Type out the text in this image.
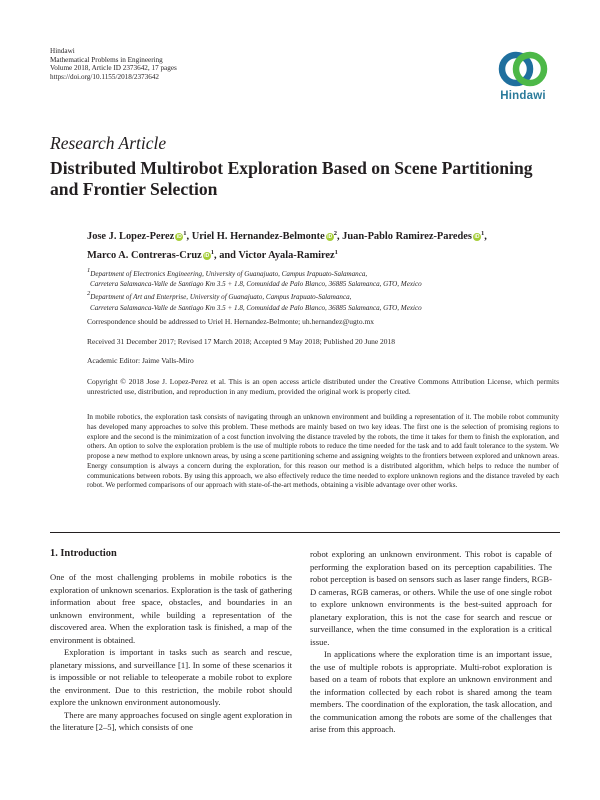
Hindawi
Mathematical Problems in Engineering
Volume 2018, Article ID 2373642, 17 pages
https://doi.org/10.1155/2018/2373642
Hindawi
Research Article
Distributed Multirobot Exploration Based on Scene Partitioning and Frontier Selection
Jose J. Lopez-Perez iD $^1$, Uriel H. Hernandez-Belmonte iD $^2$, Juan-Pablo Ramirez-Paredes iD $^1$,
Marco A. Contreras-Cruz iD $^1$, and Victor Ayala-Ramirez$^1$
1Department of Electronics Engineering, University of Guanajuato, Campus Irapuato-Salamanca,
Carretera Salamanca-Valle de Santiago Km 3.5 + 1.8, Comunidad de Palo Blanco, 36885 Salamanca, GTO, Mexico
2Department of Art and Enterprise, University of Guanajuato, Campus Irapuato-Salamanca,
Carretera Salamanca-Valle de Santiago Km 3.5 + 1.8, Comunidad de Palo Blanco, 36885 Salamanca, GTO, Mexico
Correspondence should be addressed to Uriel H. Hernandez-Belmonte; uh.hernandez@ugto.mx
Received 31 December 2017; Revised 17 March 2018; Accepted 9 May 2018; Published 20 June 2018
Academic Editor: Jaime Valls-Miro
Copyright © 2018 Jose J. Lopez-Perez et al. This is an open access article distributed under the Creative Commons Attribution License, which permits unrestricted use, distribution, and reproduction in any medium, provided the original work is properly cited.
In mobile robotics, the exploration task consists of navigating through an unknown environment and building a representation of it. The mobile robot community has developed many approaches to solve this problem. These methods are mainly based on two key ideas. The first one is the selection of promising regions to explore and the second is the minimization of a cost function involving the distance traveled by the robots, the time it takes for them to finish the exploration, and others. An option to solve the exploration problem is the use of multiple robots to reduce the time needed for the task and to add fault tolerance to the system. We propose a new method to explore unknown areas, by using a scene partitioning scheme and assigning weights to the frontiers between explored and unknown areas. Energy consumption is always a concern during the exploration, for this reason our method is a distributed algorithm, which helps to reduce the number of communications between robots. By using this approach, we also effectively reduce the time needed to explore unknown regions and the distance traveled by each robot. We performed comparisons of our approach with state-of-the-art methods, obtaining a visible advantage over other works.
1. Introduction

One of the most challenging problems in mobile robotics is the exploration of unknown scenarios. Exploration is the task of gathering information about free space, obstacles, and boundaries in an unknown environment, while building a representation of the discovered area. When the exploration task is finished, a map of the environment is obtained.

Exploration is important in tasks such as search and rescue, planetary missions, and surveillance [1]. In some of these scenarios it is impossible or not reliable to teleoperate a mobile robot to explore the environment. Due to this restriction, the mobile robot should explore the unknown environment autonomously.

There are many approaches focused on single agent exploration in the literature [2–5], which consists of one

robot exploring an unknown environment. This robot is capable of performing the exploration based on its perception capabilities. The robot perception is based on sensors such as laser range finders, RGB-D cameras, RGB cameras, or others. While the use of one single robot to explore unknown environments is the best-suited approach for planetary exploration, this is not the case for search and rescue or surveillance, when the time consumed in the exploration is a critical issue.

In applications where the exploration time is an important issue, the use of multiple robots is appropriate. Multi-robot exploration is based on a team of robots that explore an unknown environment and the information collected by each robot is shared among the team members. The coordination of the exploration, the task allocation, and the communication among the robots are some of the challenges that arise from this approach.
